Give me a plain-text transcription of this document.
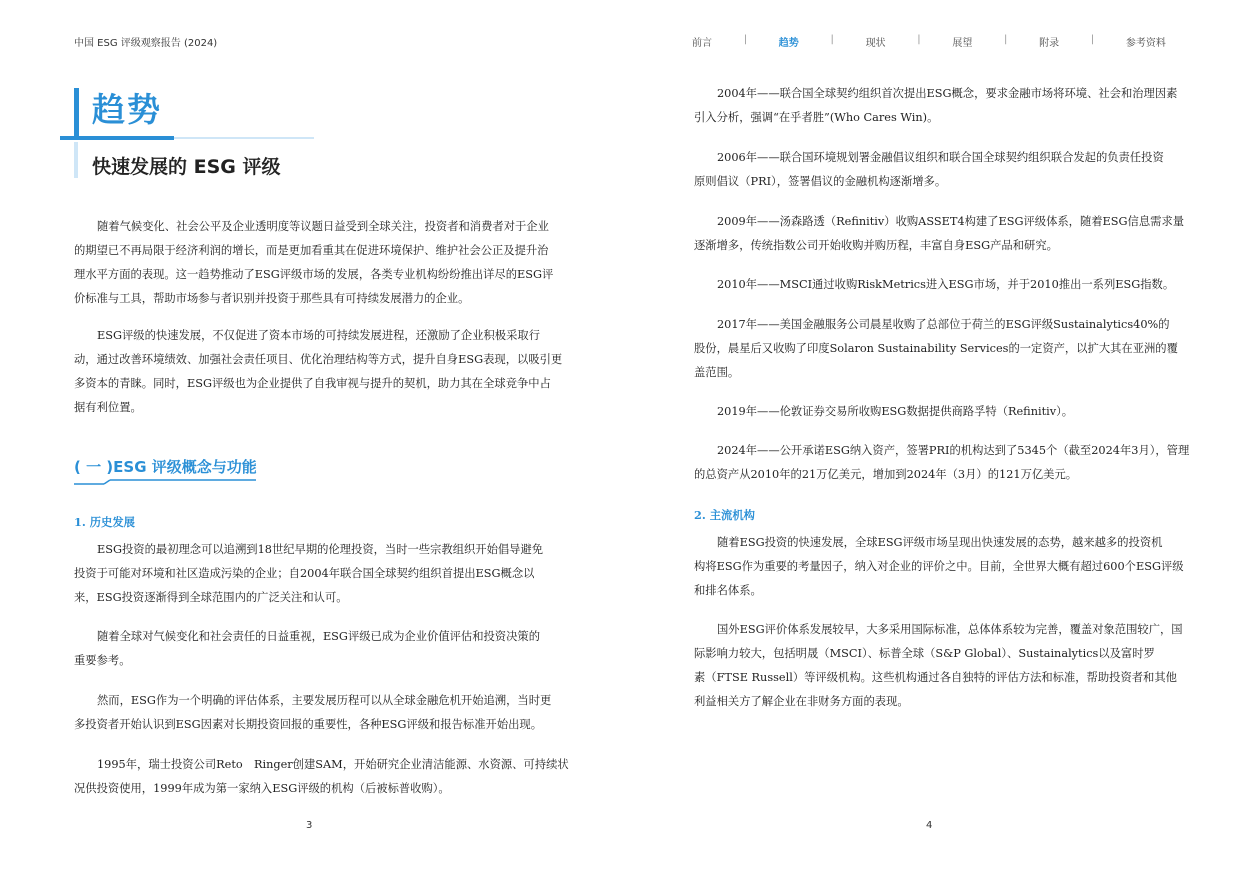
中国 ESG 评级观察报告 (2024)
趋势
快速发展的 ESG 评级
随着气候变化、社会公平及企业透明度等议题日益受到全球关注，投资者和消费者对于企业
的期望已不再局限于经济利润的增长，而是更加看重其在促进环境保护、维护社会公正及提升治
理水平方面的表现。这一趋势推动了ESG评级市场的发展，各类专业机构纷纷推出详尽的ESG评
价标准与工具，帮助市场参与者识别并投资于那些具有可持续发展潜力的企业。
ESG评级的快速发展，不仅促进了资本市场的可持续发展进程，还激励了企业积极采取行
动，通过改善环境绩效、加强社会责任项目、优化治理结构等方式，提升自身ESG表现，以吸引更
多资本的青睐。同时，ESG评级也为企业提供了自我审视与提升的契机，助力其在全球竞争中占
据有利位置。
( 一 )ESG 评级概念与功能
1. 历史发展
ESG投资的最初理念可以追溯到18世纪早期的伦理投资，当时一些宗教组织开始倡导避免
投资于可能对环境和社区造成污染的企业；自2004年联合国全球契约组织首提出ESG概念以
来，ESG投资逐渐得到全球范围内的广泛关注和认可。
随着全球对气候变化和社会责任的日益重视，ESG评级已成为企业价值评估和投资决策的
重要参考。
然而，ESG作为一个明确的评估体系，主要发展历程可以从全球金融危机开始追溯，当时更
多投资者开始认识到ESG因素对长期投资回报的重要性，各种ESG评级和报告标准开始出现。
1995年，瑞士投资公司Reto　Ringer创建SAM，开始研究企业清洁能源、水资源、可持续状
况供投资使用，1999年成为第一家纳入ESG评级的机构（后被标普收购）。
3
前言	|	趋势	|	现状	|	展望	|	附录	|	参考资料
2004年——联合国全球契约组织首次提出ESG概念，要求金融市场将环境、社会和治理因素
引入分析，强调“在乎者胜”(Who Cares Win)。
2006年——联合国环境规划署金融倡议组织和联合国全球契约组织联合发起的负责任投资
原则倡议（PRI），签署倡议的金融机构逐渐增多。
2009年——汤森路透（Refinitiv）收购ASSET4构建了ESG评级体系，随着ESG信息需求量
逐渐增多，传统指数公司开始收购并购历程，丰富自身ESG产品和研究。
2010年——MSCI通过收购RiskMetrics进入ESG市场，并于2010推出一系列ESG指数。
2017年——美国金融服务公司晨星收购了总部位于荷兰的ESG评级Sustainalytics40%的
股份，晨星后又收购了印度Solaron Sustainability Services的一定资产，以扩大其在亚洲的覆
盖范围。
2019年——伦敦证券交易所收购ESG数据提供商路孚特（Refinitiv）。
2024年——公开承诺ESG纳入资产，签署PRI的机构达到了5345个（截至2024年3月），管理
的总资产从2010年的21万亿美元，增加到2024年（3月）的121万亿美元。
2. 主流机构
随着ESG投资的快速发展，全球ESG评级市场呈现出快速发展的态势，越来越多的投资机
构将ESG作为重要的考量因子，纳入对企业的评价之中。目前，全世界大概有超过600个ESG评级
和排名体系。
国外ESG评价体系发展较早，大多采用国际标准，总体体系较为完善，覆盖对象范围较广，国
际影响力较大，包括明晟（MSCI）、标普全球（S&P Global）、Sustainalytics以及富时罗
素（FTSE Russell）等评级机构。这些机构通过各自独特的评估方法和标准，帮助投资者和其他
利益相关方了解企业在非财务方面的表现。
4
